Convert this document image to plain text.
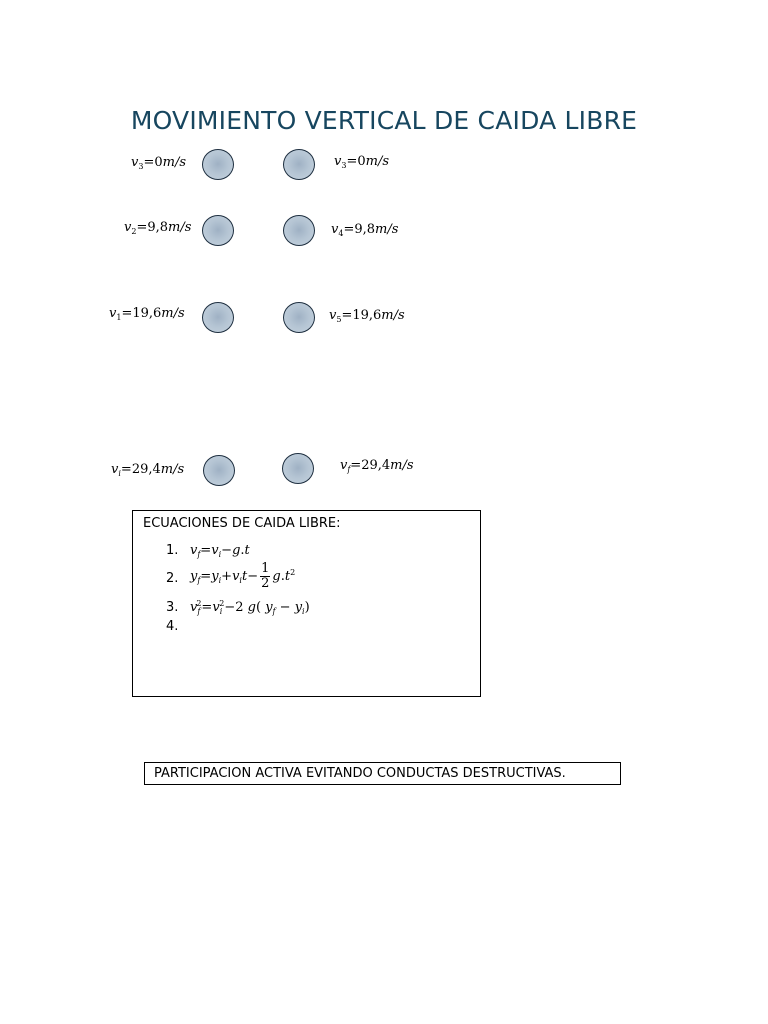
MOVIMIENTO VERTICAL DE CAIDA LIBRE
$v_3=0m/s$	$v_3=0m/s$
$v_2=9,8m/s$	$v_4=9,8m/s$
$v_1=19,6m/s$	$v_5=19,6m/s$
$v_i=29,4m/s$	$v_f=29,4m/s$
ECUACIONES DE CAIDA LIBRE:
1. $v_f=v_i-g.t$
2. $y_f=y_i+v_it- \frac{1}{2} g.t^2$
3. $v_f^2=v_i^2-2$ g( $y_f - y_i$)
4.
PARTICIPACION ACTIVA EVITANDO CONDUCTAS DESTRUCTIVAS.
